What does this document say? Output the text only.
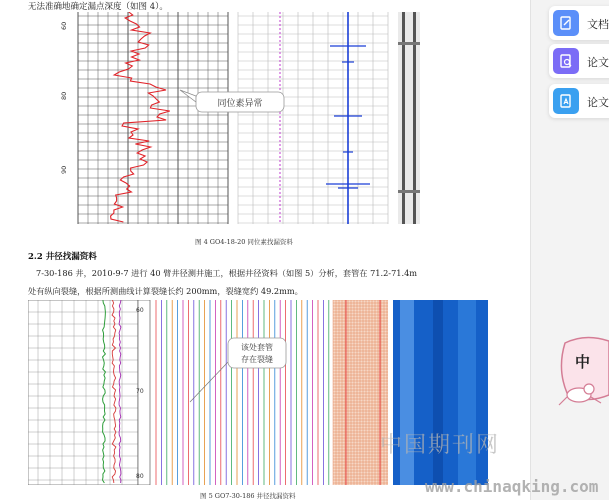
无法准确地确定漏点深度（如图 4）。
同位素异常
60
80
90
图 4 GO4-18-20 同位素找漏资料
2.2 井径找漏资料
7-30-186 井，2010-9-7 进行 40 臂井径测井施工，根据井径资料（如图 5）分析，套管在 71.2-71.4m
处有纵向裂缝，根据所测曲线计算裂缝长约 200mm，裂缝宽约 49.2mm。
60
70
80
该处套管
存在裂缝
图 5 GO7-30-186 井径找漏资料
文档
论文
论文
中
中国期刊网
www.chinaqking.com
